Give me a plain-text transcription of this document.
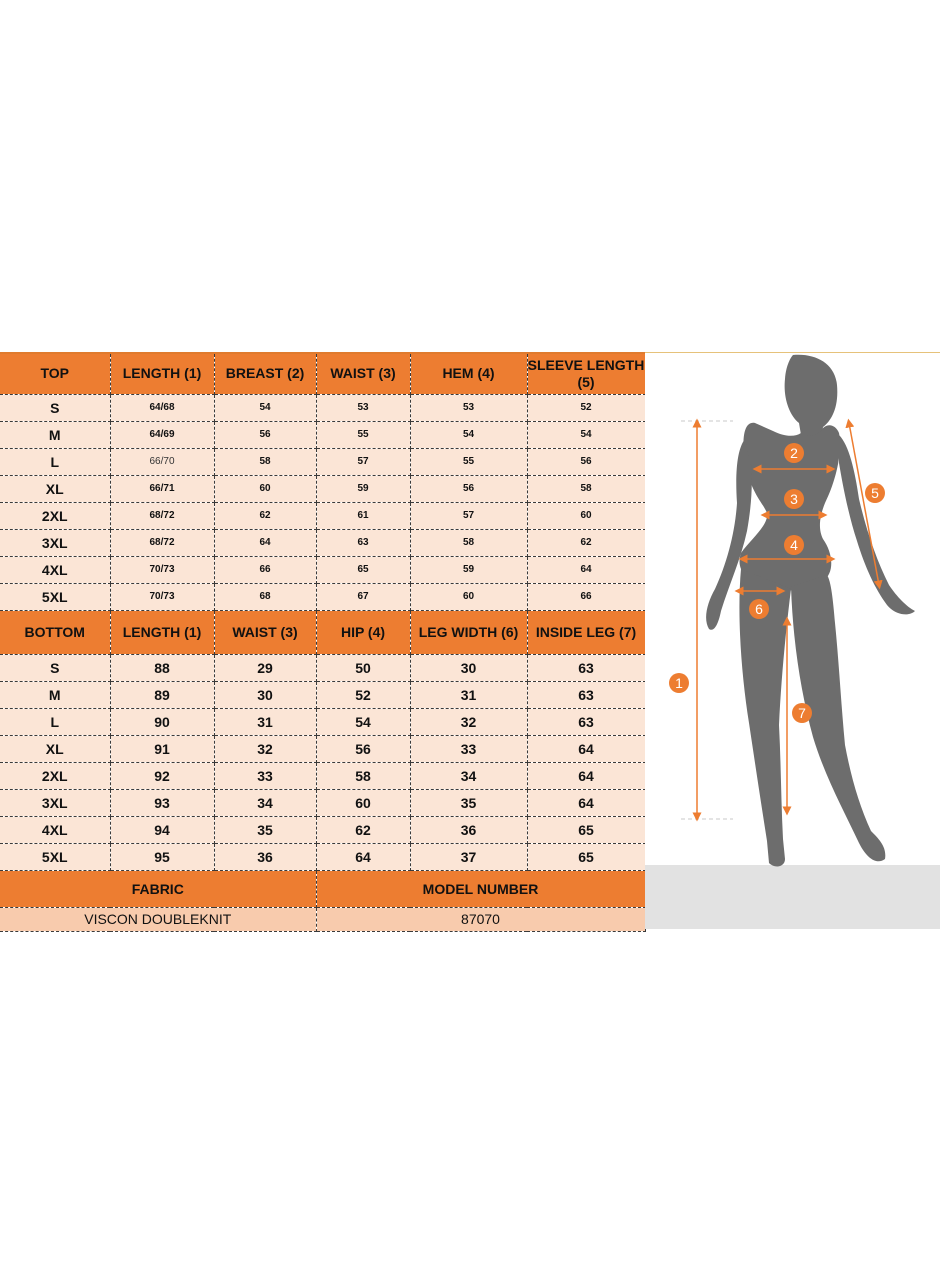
TOP	LENGTH (1)	BREAST (2)	WAIST (3)	HEM (4)	SLEEVE LENGTH (5)
S	64/68	54	53	53	52
M	64/69	56	55	54	54
L	66/70	58	57	55	56
XL	66/71	60	59	56	58
2XL	68/72	62	61	57	60
3XL	68/72	64	63	58	62
4XL	70/73	66	65	59	64
5XL	70/73	68	67	60	66
BOTTOM	LENGTH (1)	WAIST (3)	HIP (4)	LEG WIDTH (6)	INSIDE LEG (7)
S	88	29	50	30	63
M	89	30	52	31	63
L	90	31	54	32	63
XL	91	32	56	33	64
2XL	92	33	58	34	64
3XL	93	34	60	35	64
4XL	94	35	62	36	65
5XL	95	36	64	37	65
FABRIC			MODEL NUMBER		
VISCON DOUBLEKNIT			87070		
1
2
3
4
5
6
7
